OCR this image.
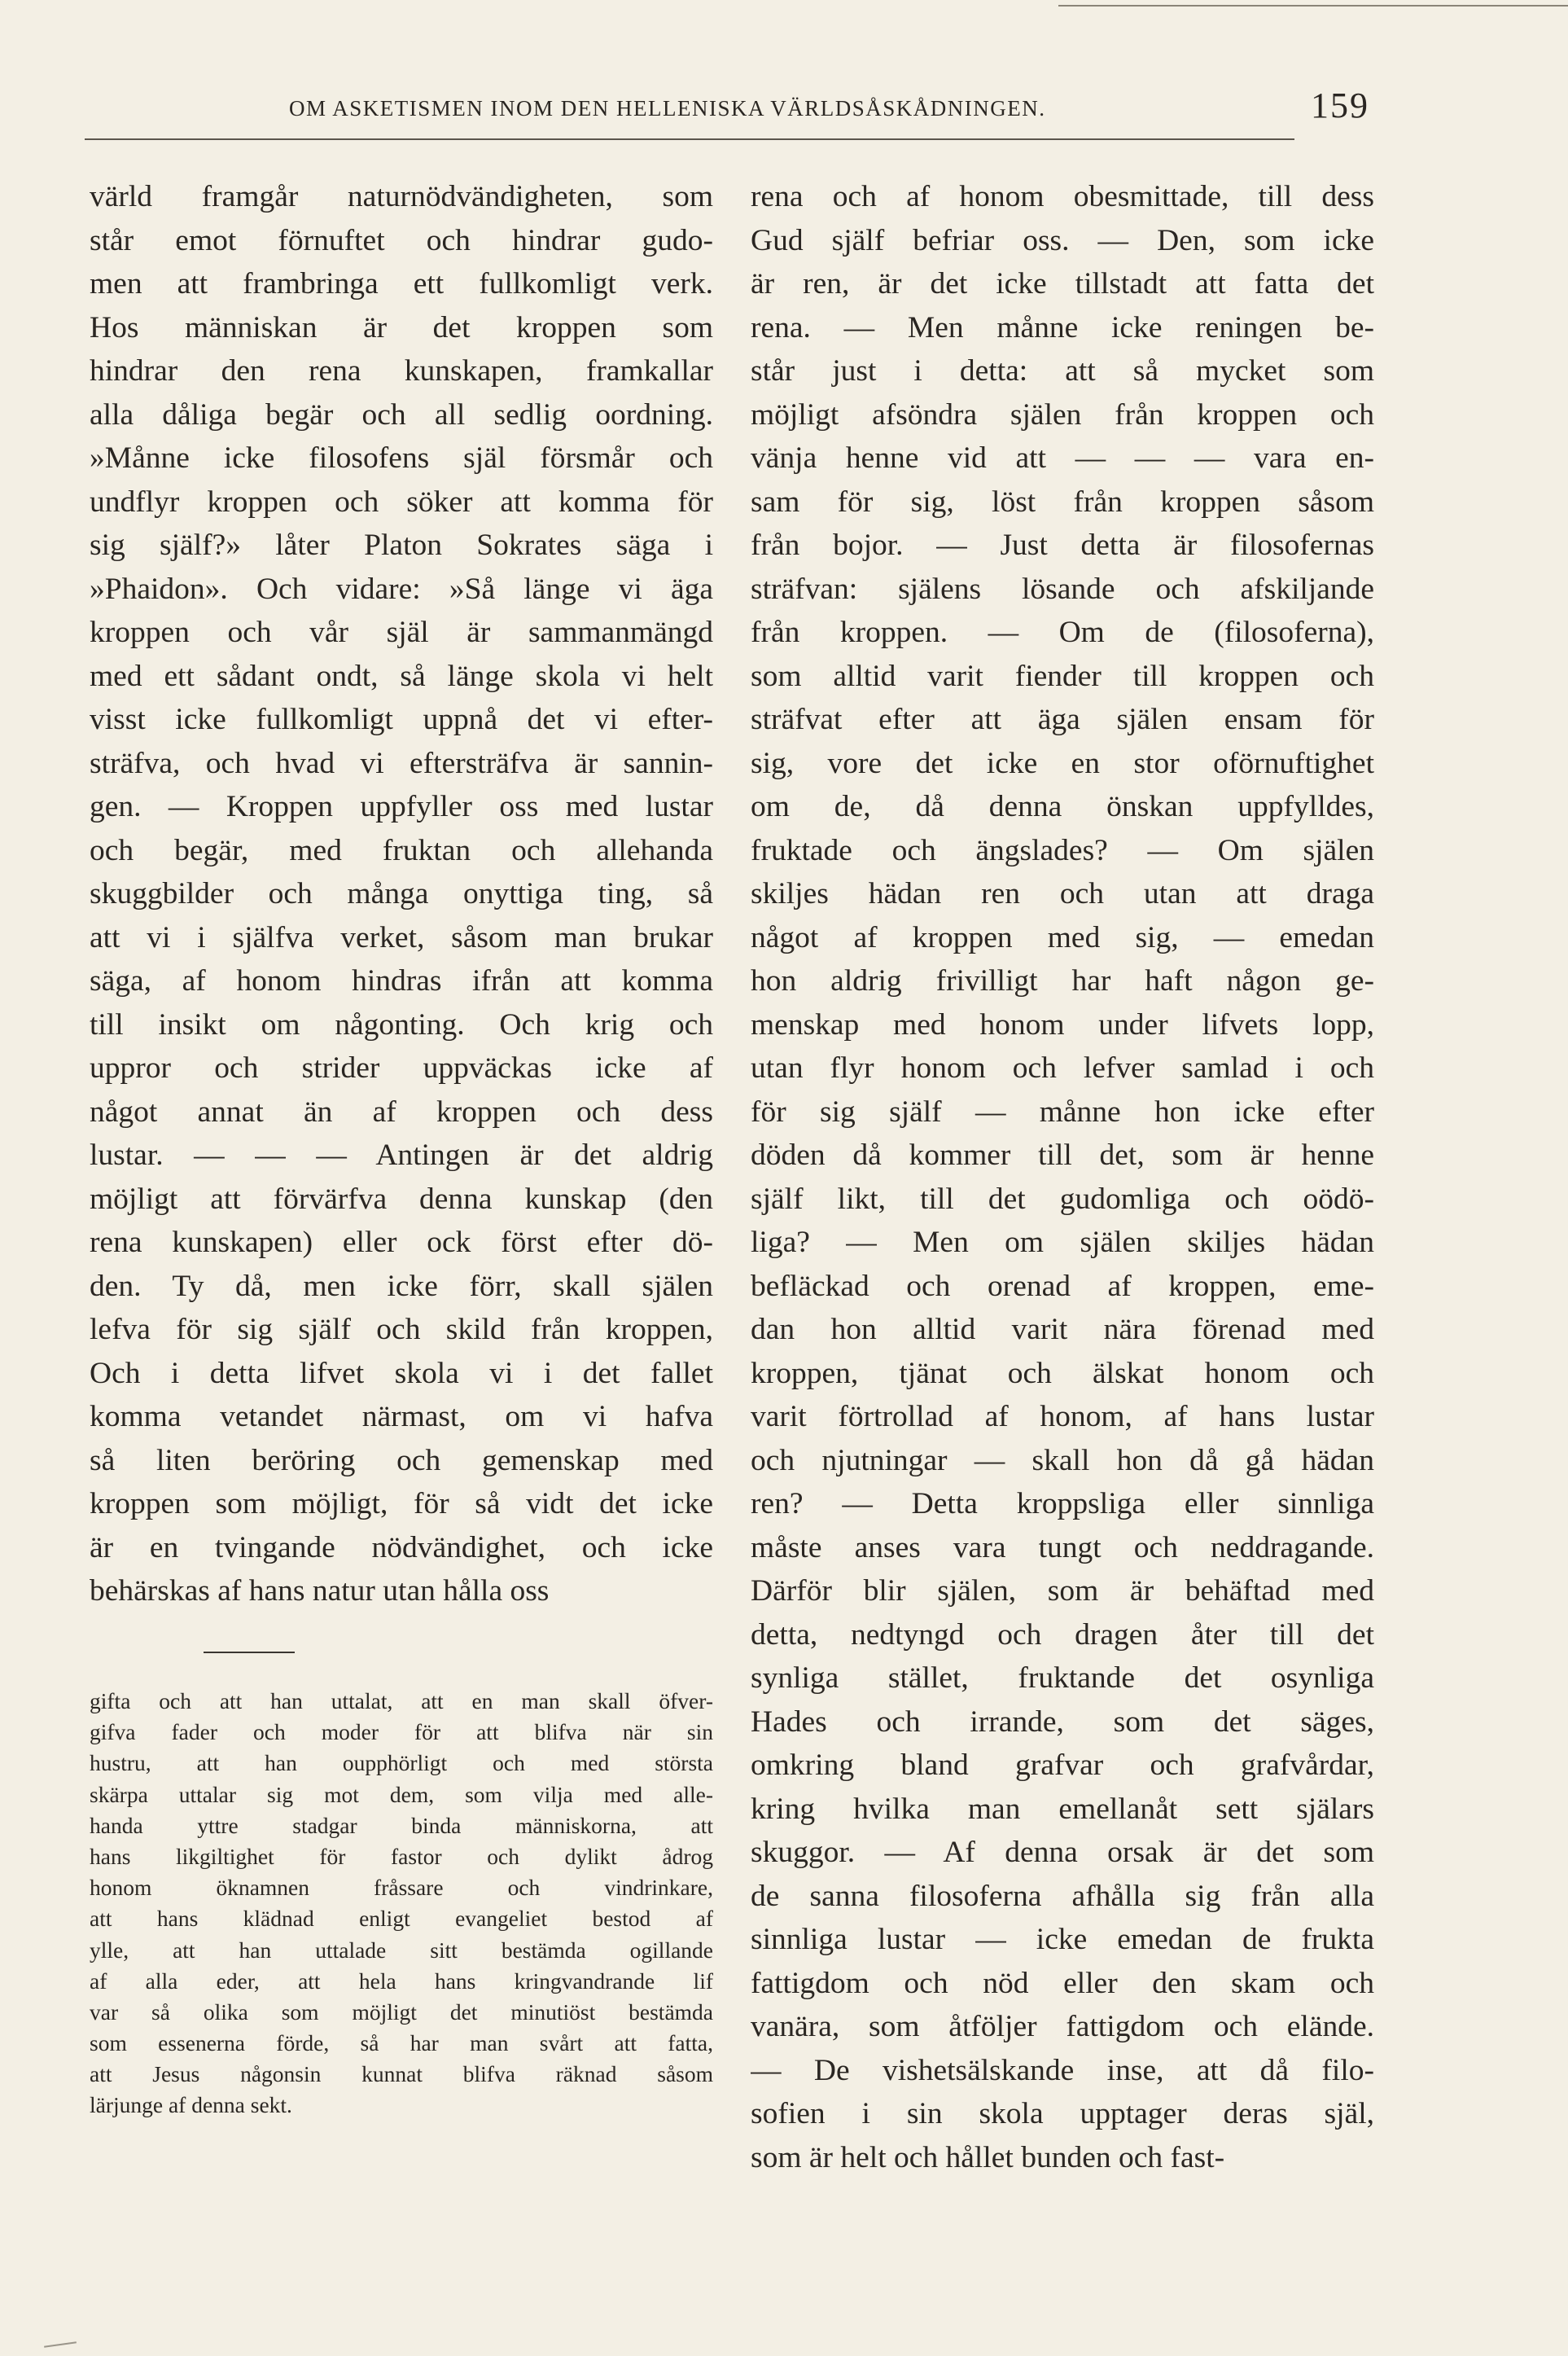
OM ASKETISMEN INOM DEN HELLENISKA VÄRLDSÅSKÅDNINGEN.	159
värld framgår naturnödvändigheten, som
står emot förnuftet och hindrar gudo-
men att frambringa ett fullkomligt verk.
Hos människan är det kroppen som
hindrar den rena kunskapen, framkallar
alla dåliga begär och all sedlig oordning.
»Månne icke filosofens själ försmår och
undflyr kroppen och söker att komma för
sig själf?» låter Platon Sokrates säga i
»Phaidon». Och vidare: »Så länge vi äga
kroppen och vår själ är sammanmängd
med ett sådant ondt, så länge skola vi helt
visst icke fullkomligt uppnå det vi efter-
sträfva, och hvad vi eftersträfva är sannin-
gen. — Kroppen uppfyller oss med lustar
och begär, med fruktan och allehanda
skuggbilder och många onyttiga ting, så
att vi i själfva verket, såsom man brukar
säga, af honom hindras ifrån att komma
till insikt om någonting. Och krig och
uppror och strider uppväckas icke af
något annat än af kroppen och dess
lustar. — — — Antingen är det aldrig
möjligt att förvärfva denna kunskap (den
rena kunskapen) eller ock först efter dö-
den. Ty då, men icke förr, skall själen
lefva för sig själf och skild från kroppen,
Och i detta lifvet skola vi i det fallet
komma vetandet närmast, om vi hafva
så liten beröring och gemenskap med
kroppen som möjligt, för så vidt det icke
är en tvingande nödvändighet, och icke
behärskas af hans natur utan hålla oss
gifta och att han uttalat, att en man skall öfver-
gifva fader och moder för att blifva när sin
hustru, att han oupphörligt och med största
skärpa uttalar sig mot dem, som vilja med alle-
handa yttre stadgar binda människorna, att
hans likgiltighet för fastor och dylikt ådrog
honom öknamnen fråssare och vindrinkare,
att hans klädnad enligt evangeliet bestod af
ylle, att han uttalade sitt bestämda ogillande
af alla eder, att hela hans kringvandrande lif
var så olika som möjligt det minutiöst bestämda
som essenerna förde, så har man svårt att fatta,
att Jesus någonsin kunnat blifva räknad såsom
lärjunge af denna sekt.
rena och af honom obesmittade, till dess
Gud själf befriar oss. — Den, som icke
är ren, är det icke tillstadt att fatta det
rena. — Men månne icke reningen be-
står just i detta: att så mycket som
möjligt afsöndra själen från kroppen och
vänja henne vid att — — — vara en-
sam för sig, löst från kroppen såsom
från bojor. — Just detta är filosofernas
sträfvan: själens lösande och afskiljande
från kroppen. — Om de (filosoferna),
som alltid varit fiender till kroppen och
sträfvat efter att äga själen ensam för
sig, vore det icke en stor oförnuftighet
om de, då denna önskan uppfylldes,
fruktade och ängslades? — Om själen
skiljes hädan ren och utan att draga
något af kroppen med sig, — emedan
hon aldrig frivilligt har haft någon ge-
menskap med honom under lifvets lopp,
utan flyr honom och lefver samlad i och
för sig själf — månne hon icke efter
döden då kommer till det, som är henne
själf likt, till det gudomliga och oödö-
liga? — Men om själen skiljes hädan
befläckad och orenad af kroppen, eme-
dan hon alltid varit nära förenad med
kroppen, tjänat och älskat honom och
varit förtrollad af honom, af hans lustar
och njutningar — skall hon då gå hädan
ren? — Detta kroppsliga eller sinnliga
måste anses vara tungt och neddragande.
Därför blir själen, som är behäftad med
detta, nedtyngd och dragen åter till det
synliga stället, fruktande det osynliga
Hades och irrande, som det säges,
omkring bland grafvar och grafvårdar,
kring hvilka man emellanåt sett själars
skuggor. — Af denna orsak är det som
de sanna filosoferna afhålla sig från alla
sinnliga lustar — icke emedan de frukta
fattigdom och nöd eller den skam och
vanära, som åtföljer fattigdom och elände.
— De vishetsälskande inse, att då filo-
sofien i sin skola upptager deras själ,
som är helt och hållet bunden och fast-
